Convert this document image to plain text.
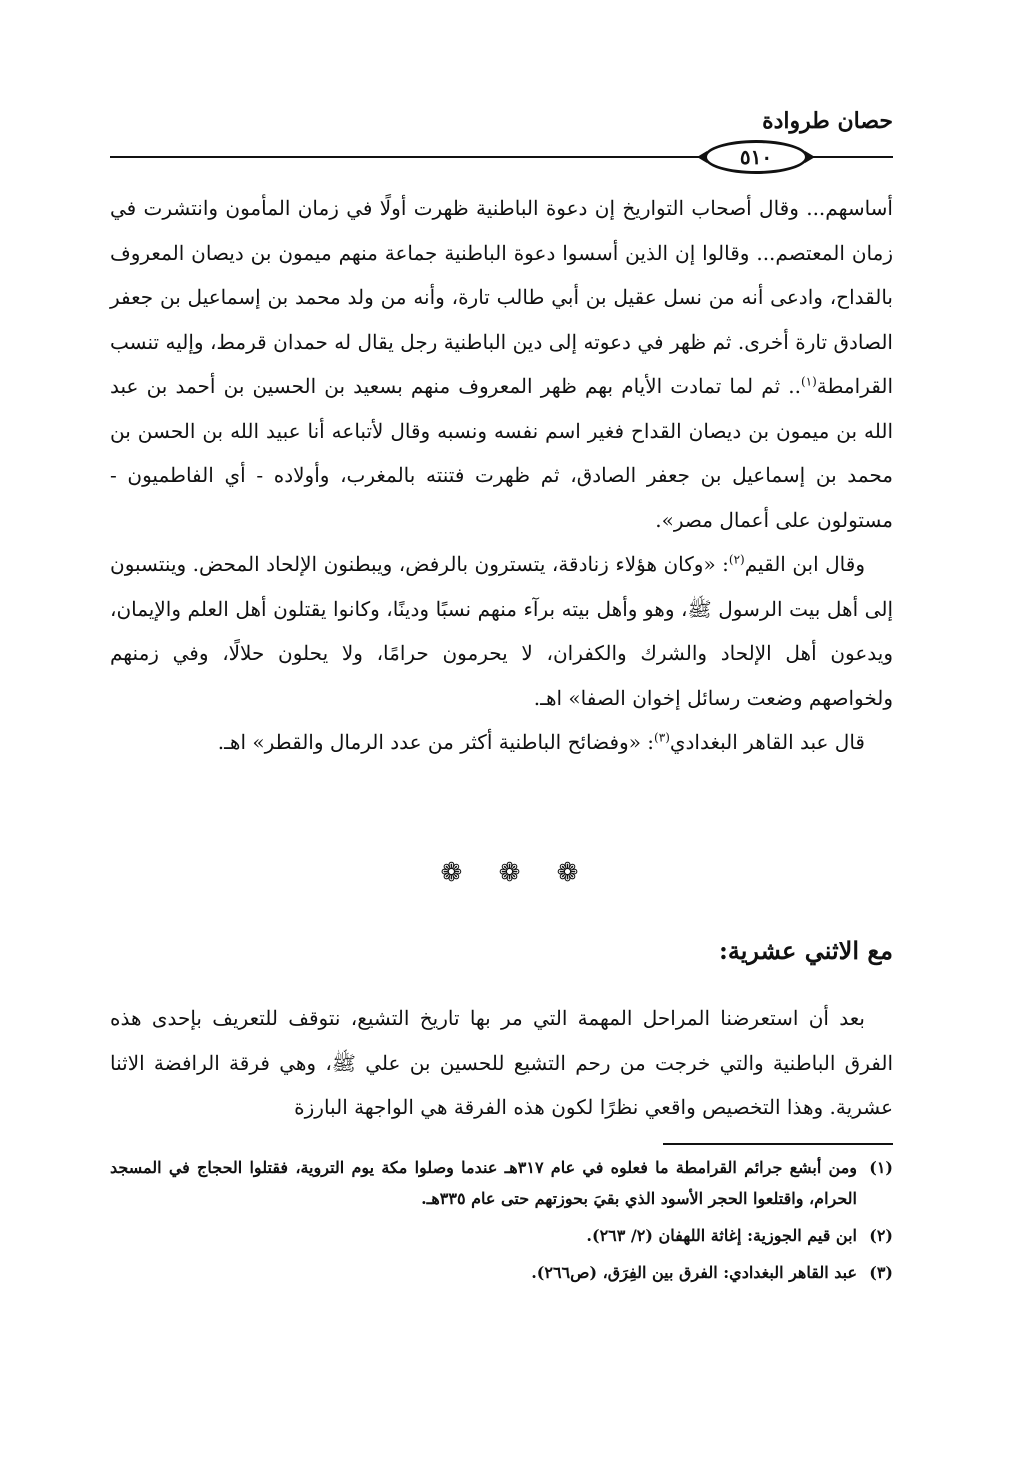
حصان طروادة
٥١٠

أساسهم... وقال أصحاب التواريخ إن دعوة الباطنية ظهرت أولًا في زمان المأمون وانتشرت في زمان المعتصم... وقالوا إن الذين أسسوا دعوة الباطنية جماعة منهم ميمون بن ديصان المعروف بالقداح، وادعى أنه من نسل عقيل بن أبي طالب تارة، وأنه من ولد محمد بن إسماعيل بن جعفر الصادق تارة أخرى. ثم ظهر في دعوته إلى دين الباطنية رجل يقال له حمدان قرمط، وإليه تنسب القرامطة$^{(١)}$.. ثم لما تمادت الأيام بهم ظهر المعروف منهم بسعيد بن الحسين بن أحمد بن عبد الله بن ميمون بن ديصان القداح فغير اسم نفسه ونسبه وقال لأتباعه أنا عبيد الله بن الحسن بن محمد بن إسماعيل بن جعفر الصادق، ثم ظهرت فتنته بالمغرب، وأولاده - أي الفاطميون - مستولون على أعمال مصر».

وقال ابن القيم$^{(٢)}$: «وكان هؤلاء زنادقة، يتسترون بالرفض، ويبطنون الإلحاد المحض. وينتسبون إلى أهل بيت الرسول ﷺ، وهو وأهل بيته برآء منهم نسبًا ودينًا، وكانوا يقتلون أهل العلم والإيمان، ويدعون أهل الإلحاد والشرك والكفران، لا يحرمون حرامًا، ولا يحلون حلالًا، وفي زمنهم ولخواصهم وضعت رسائل إخوان الصفا» اهـ.

قال عبد القاهر البغدادي$^{(٣)}$: «وفضائح الباطنية أكثر من عدد الرمال والقطر» اهـ.

❁ ❁ ❁
مع الاثني عشرية:

بعد أن استعرضنا المراحل المهمة التي مر بها تاريخ التشيع، نتوقف للتعريف بإحدى هذه الفرق الباطنية والتي خرجت من رحم التشيع للحسين بن علي ﷺ، وهي فرقة الرافضة الاثنا عشرية. وهذا التخصيص واقعي نظرًا لكون هذه الفرقة هي الواجهة البارزة

(١)
ومن أبشع جرائم القرامطة ما فعلوه في عام ٣١٧هـ عندما وصلوا مكة يوم التروية، فقتلوا الحجاج في المسجد الحرام، واقتلعوا الحجر الأسود الذي بقيَ بحوزتهم حتى عام ٣٣٥هـ.
(٢)
ابن قيم الجوزية: إغاثة اللهفان (٢/ ٢٦٣).
(٣)
عبد القاهر البغدادي: الفرق بين الفِرَق، (ص٢٦٦).
